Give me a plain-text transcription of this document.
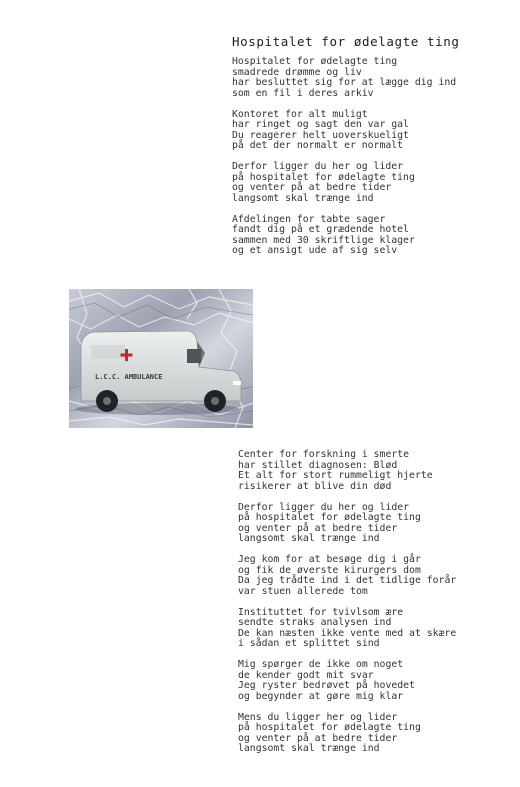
Hospitalet for ødelagte ting
Hospitalet for ødelagte ting
smadrede drømme og liv
har besluttet sig for at lægge dig ind
som en fil i deres arkiv
Kontoret for alt muligt
har ringet og sagt den var gal
Du reagerer helt uoverskueligt
på det der normalt er normalt
Derfor ligger du her og lider
på hospitalet for ødelagte ting
og venter på at bedre tider
langsomt skal trænge ind
Afdelingen for tabte sager
fandt dig på et grædende hotel
sammen med 30 skriftlige klager
og et ansigt ude af sig selv
L.C.C. AMBULANCE
Center for forskning i smerte
har stillet diagnosen: Blød
Et alt for stort rummeligt hjerte
risikerer at blive din død
Derfor ligger du her og lider
på hospitalet for ødelagte ting
og venter på at bedre tider
langsomt skal trænge ind
Jeg kom for at besøge dig i går
og fik de øverste kirurgers dom
Da jeg trådte ind i det tidlige forår
var stuen allerede tom
Instituttet for tvivlsom ære
sendte straks analysen ind
De kan næsten ikke vente med at skære
i sådan et splittet sind
Mig spørger de ikke om noget
de kender godt mit svar
Jeg ryster bedrøvet på hovedet
og begynder at gøre mig klar
Mens du ligger her og lider
på hospitalet for ødelagte ting
og venter på at bedre tider
langsomt skal trænge ind
